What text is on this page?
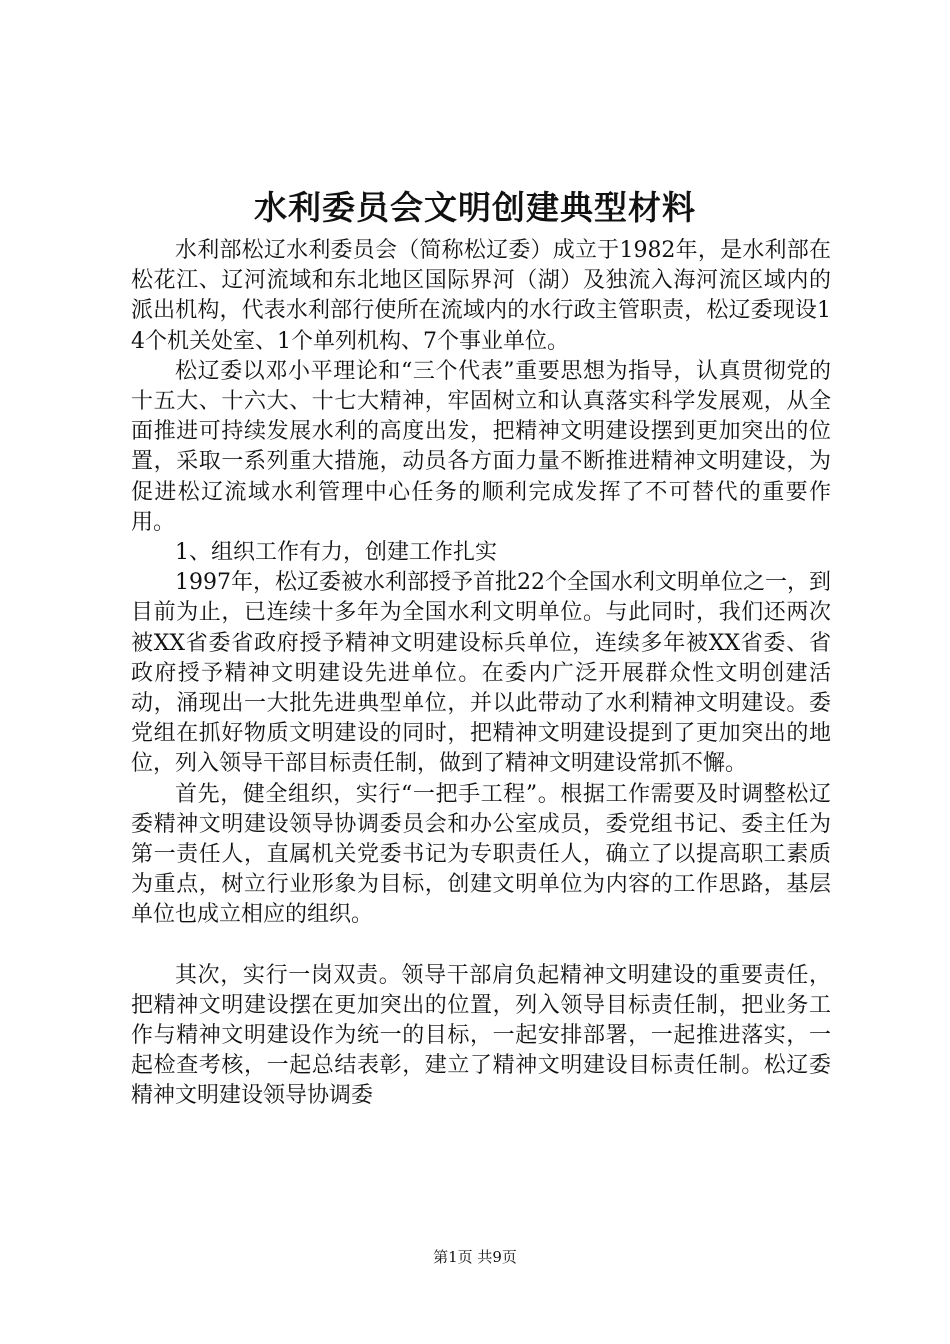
水利委员会文明创建典型材料

水利部松辽水利委员会（简称松辽委）成立于1982年，是水利部在松花江、辽河流域和东北地区国际界河（湖）及独流入海河流区域内的派出机构，代表水利部行使所在流域内的水行政主管职责，松辽委现设14个机关处室、1个单列机构、7个事业单位。

松辽委以邓小平理论和“三个代表”重要思想为指导，认真贯彻党的十五大、十六大、十七大精神，牢固树立和认真落实科学发展观，从全面推进可持续发展水利的高度出发，把精神文明建设摆到更加突出的位置，采取一系列重大措施，动员各方面力量不断推进精神文明建设，为促进松辽流域水利管理中心任务的顺利完成发挥了不可替代的重要作用。

1、组织工作有力，创建工作扎实

1997年，松辽委被水利部授予首批22个全国水利文明单位之一，到目前为止，已连续十多年为全国水利文明单位。与此同时，我们还两次被XX省委省政府授予精神文明建设标兵单位，连续多年被XX省委、省政府授予精神文明建设先进单位。在委内广泛开展群众性文明创建活动，涌现出一大批先进典型单位，并以此带动了水利精神文明建设。委党组在抓好物质文明建设的同时，把精神文明建设提到了更加突出的地位，列入领导干部目标责任制，做到了精神文明建设常抓不懈。

首先，健全组织，实行“一把手工程”。根据工作需要及时调整松辽委精神文明建设领导协调委员会和办公室成员，委党组书记、委主任为第一责任人，直属机关党委书记为专职责任人，确立了以提高职工素质为重点，树立行业形象为目标，创建文明单位为内容的工作思路，基层单位也成立相应的组织。

其次，实行一岗双责。领导干部肩负起精神文明建设的重要责任，把精神文明建设摆在更加突出的位置，列入领导目标责任制，把业务工作与精神文明建设作为统一的目标，一起安排部署，一起推进落实，一起检查考核，一起总结表彰，建立了精神文明建设目标责任制。松辽委精神文明建设领导协调委

第1页 共9页
